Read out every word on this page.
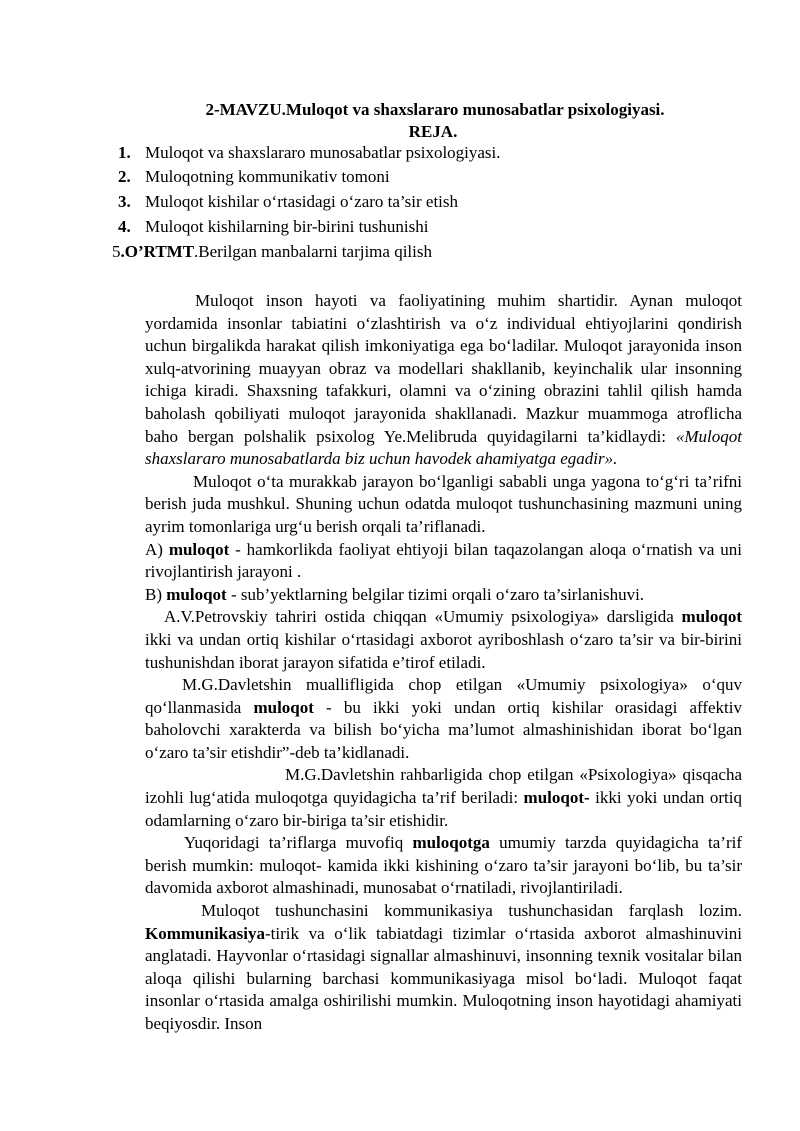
2-MAVZU.Muloqot va shaxslararo munosabatlar psixologiyasi.
REJA.
1. Muloqot va shaxslararo munosabatlar psixologiyasi.
2. Muloqotning kommunikativ tomoni
3. Muloqot kishilar o‘rtasidagi o‘zaro ta’sir etish
4. Muloqot kishilarning bir-birini tushunishi
5.O’RTMT.Berilgan manbalarni tarjima qilish

Muloqot inson hayoti va faoliyatining muhim shartidir. Aynan muloqot yordamida insonlar tabiatini o‘zlashtirish va o‘z individual ehtiyojlarini qondirish uchun birgalikda harakat qilish imkoniyatiga ega bo‘ladilar. Muloqot jarayonida inson xulq-atvorining muayyan obraz va modellari shakllanib, keyinchalik ular insonning ichiga kiradi. Shaxsning tafakkuri, olamni va o‘zining obrazini tahlil qilish hamda baholash qobiliyati muloqot jarayonida shakllanadi. Mazkur muammoga atroflicha baho bergan polshalik psixolog Ye.Melibruda quyidagilarni ta’kidlaydi: «Muloqot shaxslararo munosabatlarda biz uchun havodek ahamiyatga egadir».

Muloqot o‘ta murakkab jarayon bo‘lganligi sababli unga yagona to‘g‘ri ta’rifni berish juda mushkul. Shuning uchun odatda muloqot tushunchasining mazmuni uning ayrim tomonlariga urg‘u berish orqali ta’riflanadi.

A) muloqot - hamkorlikda faoliyat ehtiyoji bilan taqazolangan aloqa o‘rnatish va uni rivojlantirish jarayoni .

B) muloqot - sub’yektlarning belgilar tizimi orqali o‘zaro ta’sirlanishuvi.

A.V.Petrovskiy tahriri ostida chiqqan «Umumiy psixologiya» darsligida muloqot ikki va undan ortiq kishilar o‘rtasidagi axborot ayriboshlash o‘zaro ta’sir va bir-birini tushunishdan iborat jarayon sifatida e’tirof etiladi.

M.G.Davletshin muallifligida chop etilgan «Umumiy psixologiya» o‘quv qo‘llanmasida muloqot - bu ikki yoki undan ortiq kishilar orasidagi affektiv baholovchi xarakterda va bilish bo‘yicha ma’lumot almashinishidan iborat bo‘lgan o‘zaro ta’sir etishdir”-deb ta’kidlanadi.

M.G.Davletshin rahbarligida chop etilgan «Psixologiya» qisqacha izohli lug‘atida muloqotga quyidagicha ta’rif beriladi: muloqot- ikki yoki undan ortiq odamlarning o‘zaro bir-biriga ta’sir etishidir.

Yuqoridagi ta’riflarga muvofiq muloqotga umumiy tarzda quyidagicha ta’rif berish mumkin: muloqot- kamida ikki kishining o‘zaro ta’sir jarayoni bo‘lib, bu ta’sir davomida axborot almashinadi, munosabat o‘rnatiladi, rivojlantiriladi.

Muloqot tushunchasini kommunikasiya tushunchasidan farqlash lozim. Kommunikasiya-tirik va o‘lik tabiatdagi tizimlar o‘rtasida axborot almashinuvini anglatadi. Hayvonlar o‘rtasidagi signallar almashinuvi, insonning texnik vositalar bilan aloqa qilishi bularning barchasi kommunikasiyaga misol bo‘ladi. Muloqot faqat insonlar o‘rtasida amalga oshirilishi mumkin. Muloqotning inson hayotidagi ahamiyati beqiyosdir. Inson
